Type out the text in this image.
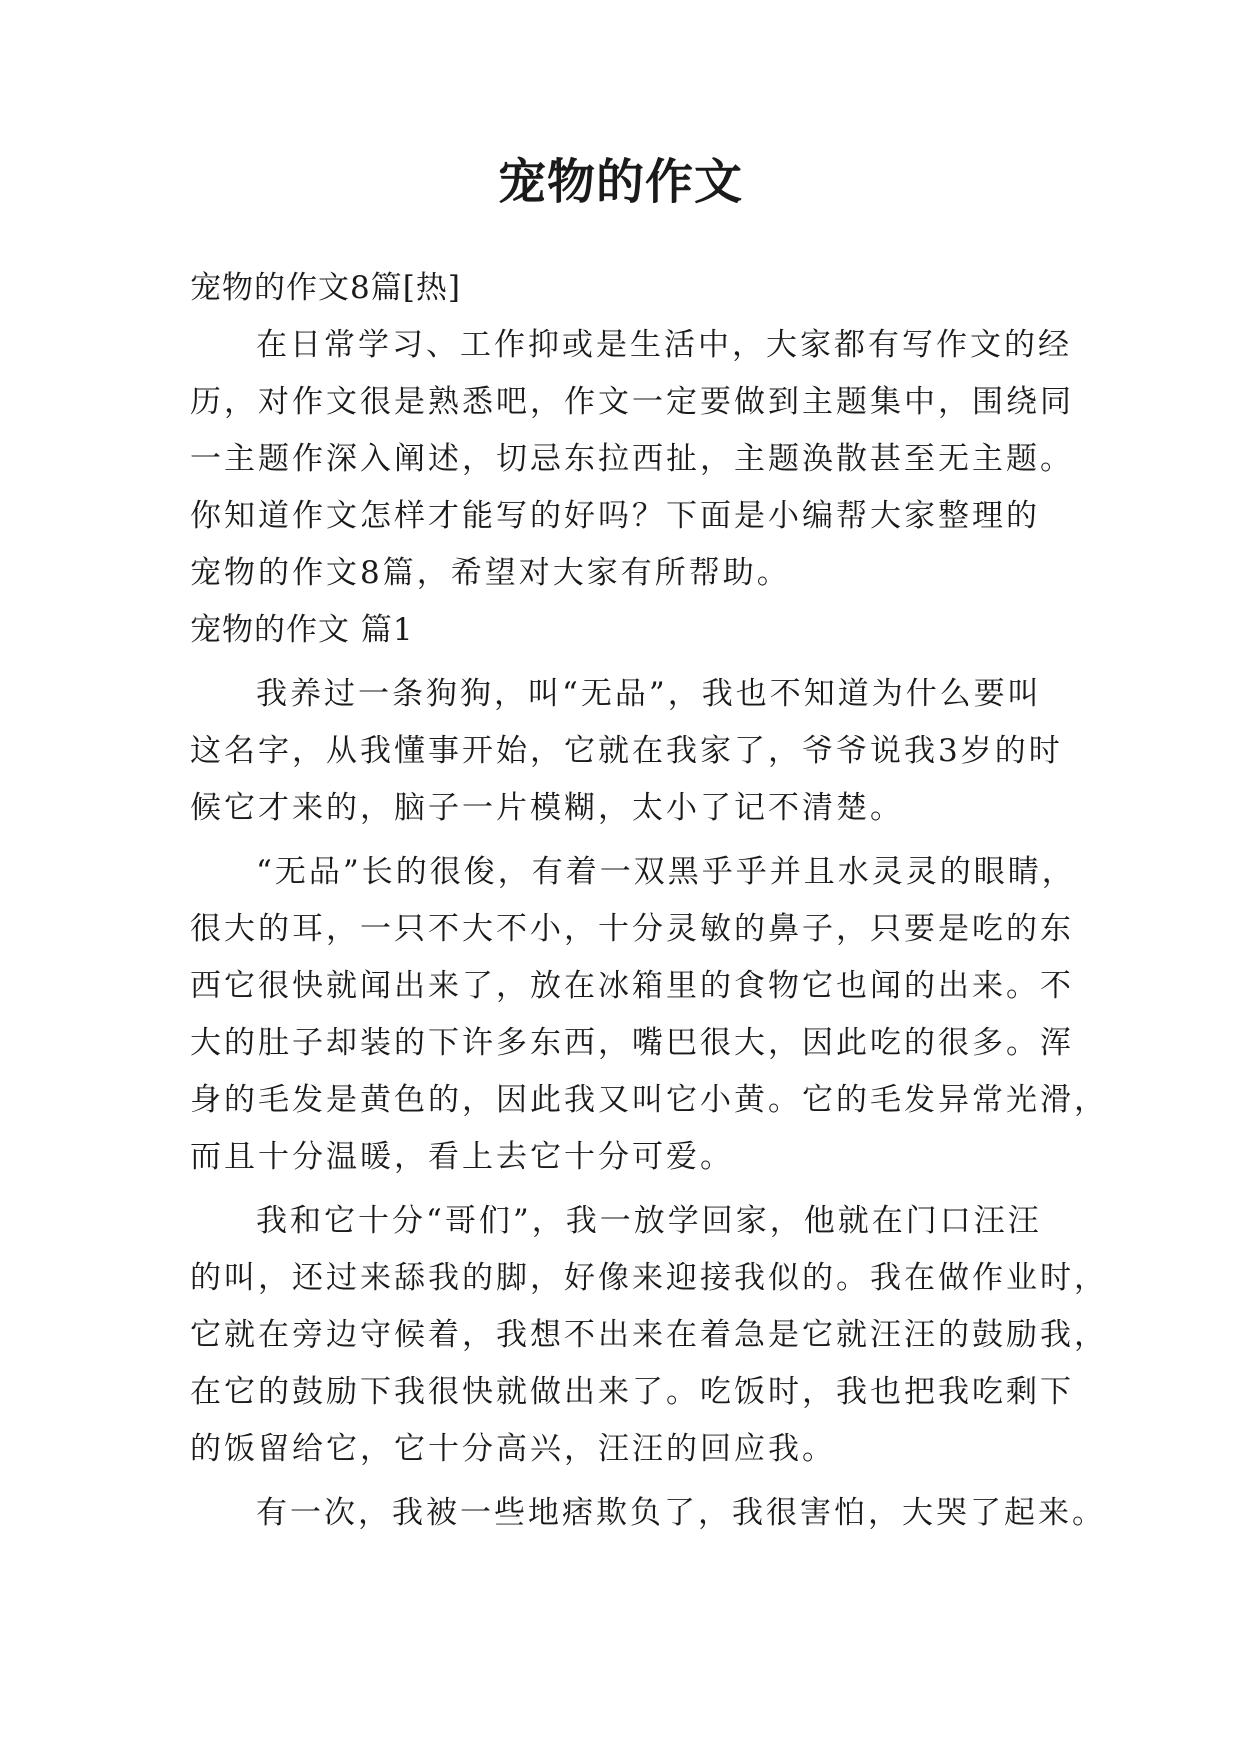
宠物的作文
宠物的作文8篇[热]
在日常学习、工作抑或是生活中，大家都有写作文的经
历，对作文很是熟悉吧，作文一定要做到主题集中，围绕同
一主题作深入阐述，切忌东拉西扯，主题涣散甚至无主题。
你知道作文怎样才能写的好吗？下面是小编帮大家整理的
宠物的作文8篇，希望对大家有所帮助。
宠物的作文 篇1
我养过一条狗狗，叫“无品”，我也不知道为什么要叫
这名字，从我懂事开始，它就在我家了，爷爷说我3岁的时
候它才来的，脑子一片模糊，太小了记不清楚。
“无品”长的很俊，有着一双黑乎乎并且水灵灵的眼睛，
很大的耳，一只不大不小，十分灵敏的鼻子，只要是吃的东
西它很快就闻出来了，放在冰箱里的食物它也闻的出来。不
大的肚子却装的下许多东西，嘴巴很大，因此吃的很多。浑
身的毛发是黄色的，因此我又叫它小黄。它的毛发异常光滑，
而且十分温暖，看上去它十分可爱。
我和它十分“哥们”，我一放学回家，他就在门口汪汪
的叫，还过来舔我的脚，好像来迎接我似的。我在做作业时，
它就在旁边守候着，我想不出来在着急是它就汪汪的鼓励我，
在它的鼓励下我很快就做出来了。吃饭时，我也把我吃剩下
的饭留给它，它十分高兴，汪汪的回应我。
有一次，我被一些地痞欺负了，我很害怕，大哭了起来。
